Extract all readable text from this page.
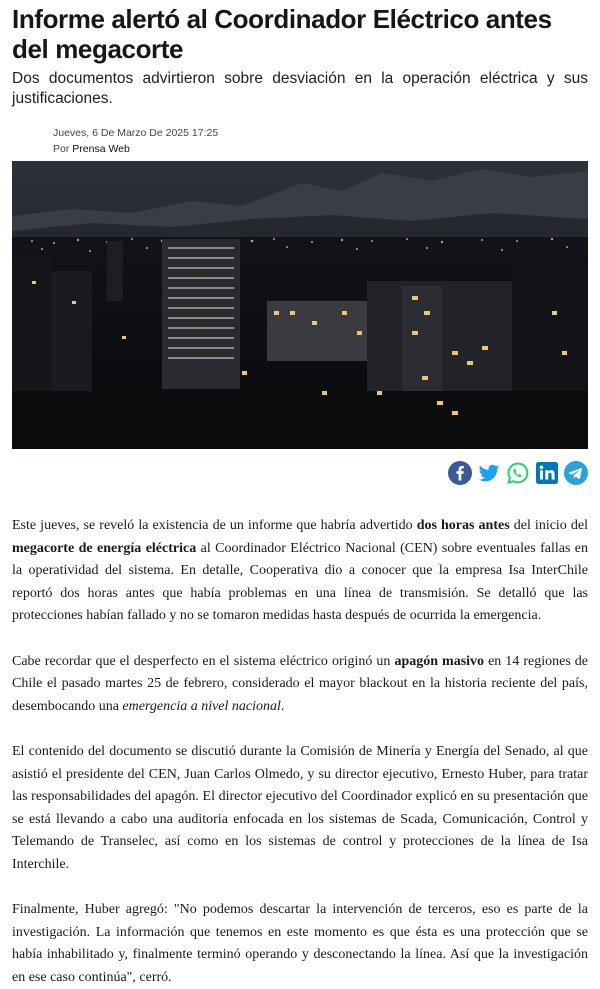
Informe alertó al Coordinador Eléctrico antes del megacorte

Dos documentos advirtieron sobre desviación en la operación eléctrica y sus justificaciones.

Jueves, 6 De Marzo De 2025 17:25
Por Prensa Web

Este jueves, se reveló la existencia de un informe que habría advertido dos horas antes del inicio del megacorte de energía eléctrica al Coordinador Eléctrico Nacional (CEN) sobre eventuales fallas en la operatividad del sistema. En detalle, Cooperativa dio a conocer que la empresa Isa InterChile reportó dos horas antes que había problemas en una línea de transmisión. Se detalló que las protecciones habían fallado y no se tomaron medidas hasta después de ocurrida la emergencia.

Cabe recordar que el desperfecto en el sistema eléctrico originó un apagón masivo en 14 regiones de Chile el pasado martes 25 de febrero, considerado el mayor blackout en la historia reciente del país, desembocando una emergencia a nivel nacional.

El contenido del documento se discutió durante la Comisión de Minería y Energía del Senado, al que asistió el presidente del CEN, Juan Carlos Olmedo, y su director ejecutivo, Ernesto Huber, para tratar las responsabilidades del apagón. El director ejecutivo del Coordinador explicó en su presentación que se está llevando a cabo una auditoria enfocada en los sistemas de Scada, Comunicación, Control y Telemando de Transelec, así como en los sistemas de control y protecciones de la línea de Isa Interchile.

Finalmente, Huber agregó: "No podemos descartar la intervención de terceros, eso es parte de la investigación. La información que tenemos en este momento es que ésta es una protección que se había inhabilitado y, finalmente terminó operando y desconectando la línea. Así que la investigación en ese caso continúa", cerró.
